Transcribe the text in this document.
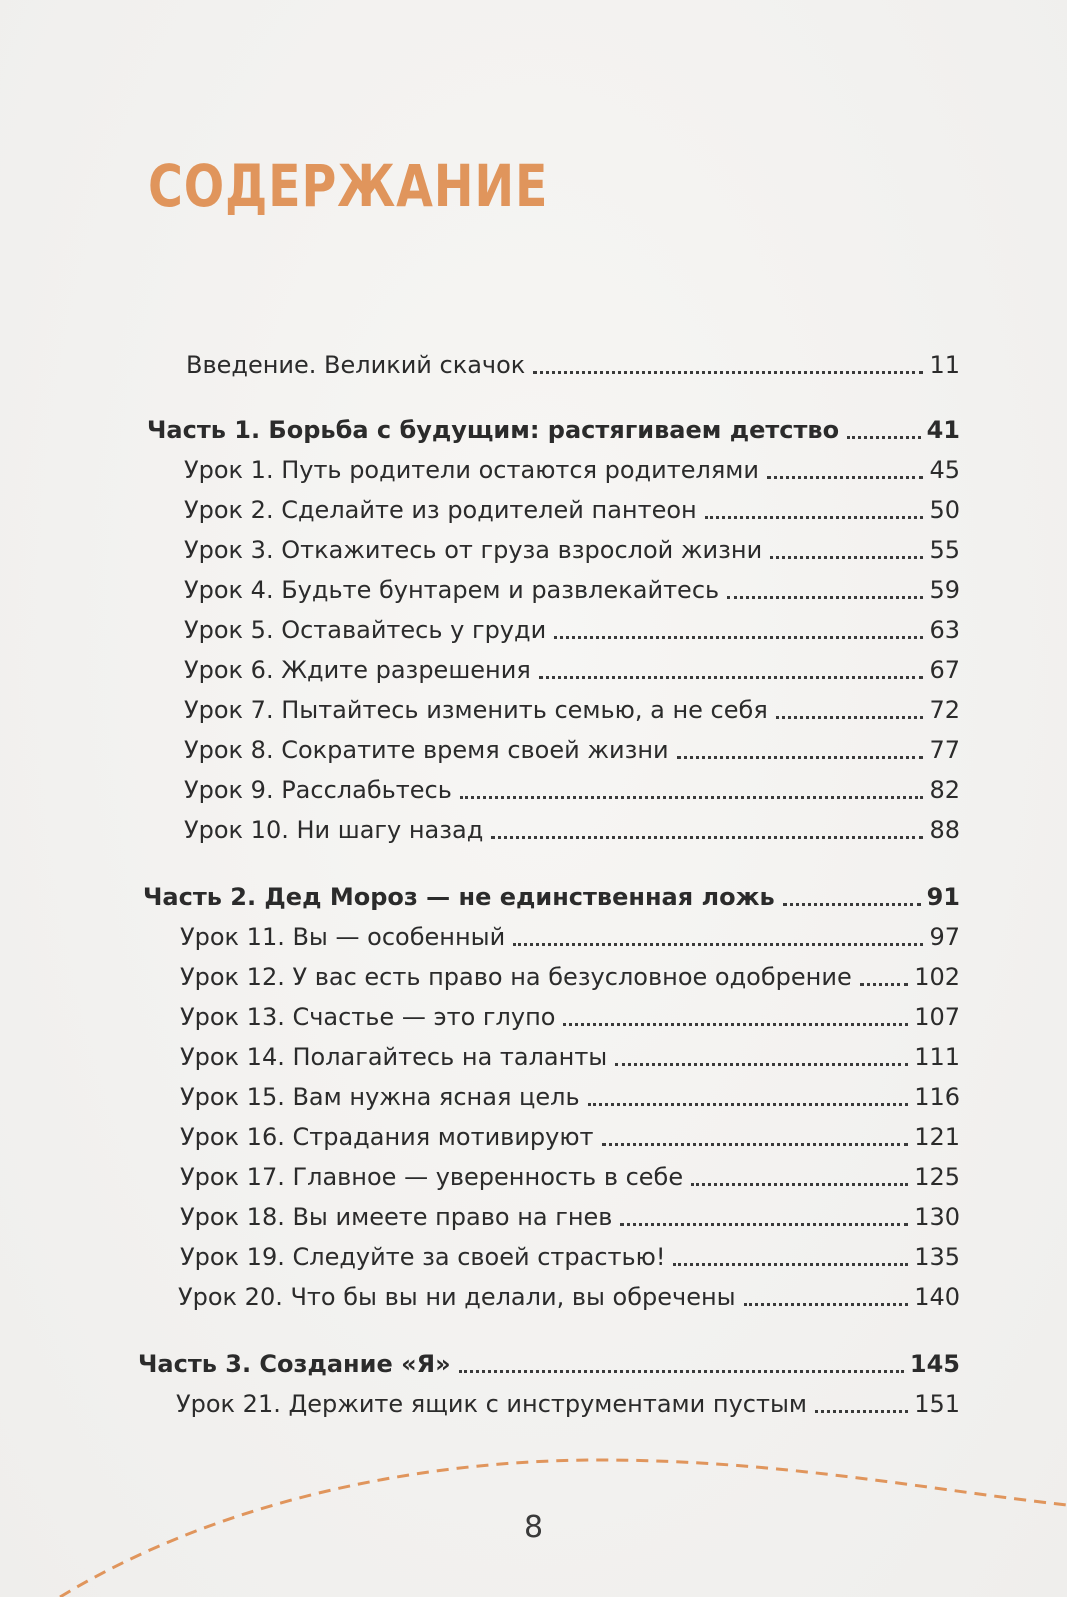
СОДЕРЖАНИЕ
Введение. Великий скачок	11
Часть 1. Борьба с будущим: растягиваем детство	41
Урок 1. Путь родители остаются родителями	45
Урок 2. Сделайте из родителей пантеон	50
Урок 3. Откажитесь от груза взрослой жизни	55
Урок 4. Будьте бунтарем и развлекайтесь	59
Урок 5. Оставайтесь у груди	63
Урок 6. Ждите разрешения	67
Урок 7. Пытайтесь изменить семью, а не себя	72
Урок 8. Сократите время своей жизни	77
Урок 9. Расслабьтесь	82
Урок 10. Ни шагу назад	88
Часть 2. Дед Мороз — не единственная ложь	91
Урок 11. Вы — особенный	97
Урок 12. У вас есть право на безусловное одобрение	102
Урок 13. Счастье — это глупо	107
Урок 14. Полагайтесь на таланты	111
Урок 15. Вам нужна ясная цель	116
Урок 16. Страдания мотивируют	121
Урок 17. Главное — уверенность в себе	125
Урок 18. Вы имеете право на гнев	130
Урок 19. Следуйте за своей страстью!	135
Урок 20. Что бы вы ни делали, вы обречены	140
Часть 3. Создание «Я»	145
Урок 21. Держите ящик с инструментами пустым	151
8
